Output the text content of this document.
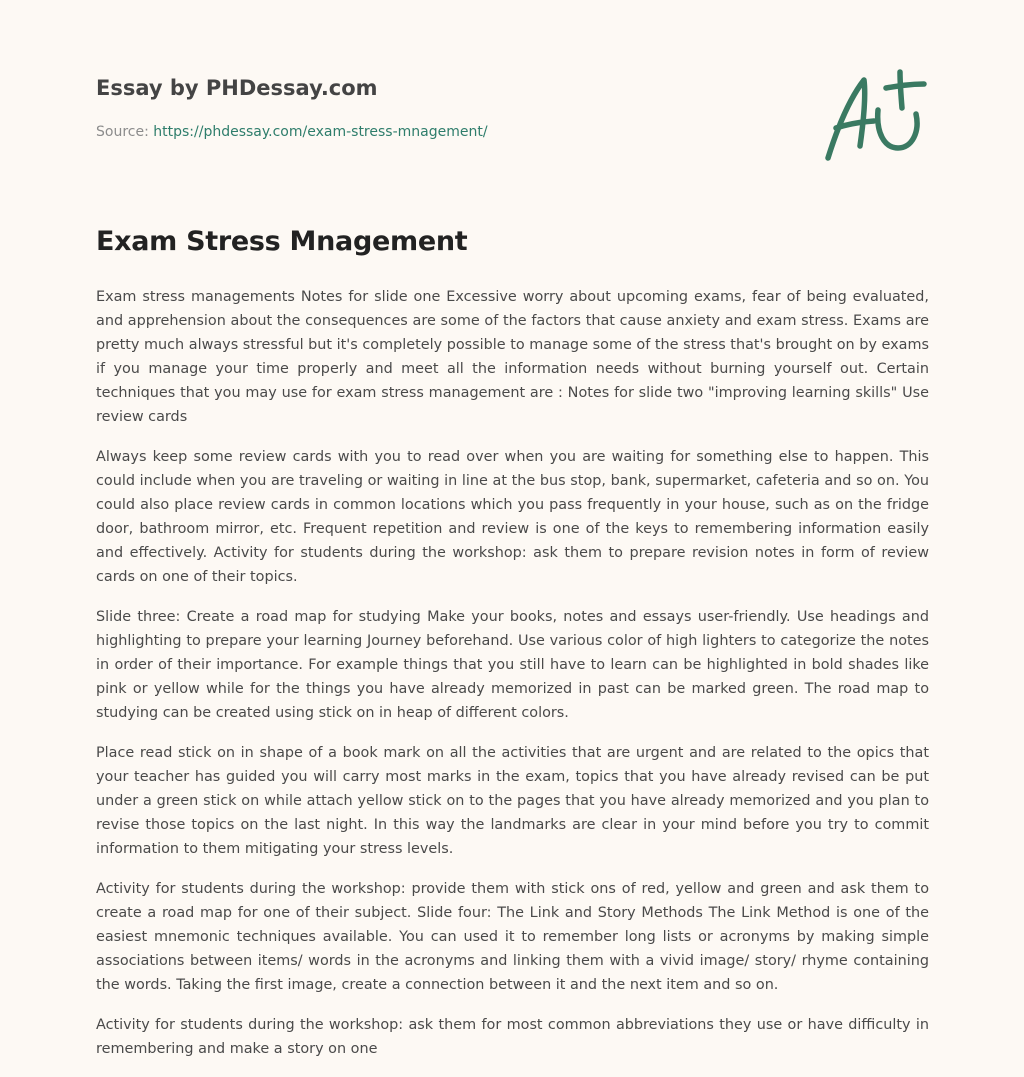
Essay by PHDessay.com
Source: https://phdessay.com/exam-stress-mnagement/
Exam Stress Mnagement

Exam stress managements Notes for slide one Excessive worry about upcoming exams, fear of being evaluated, and apprehension about the consequences are some of the factors that cause anxiety and exam stress. Exams are pretty much always stressful but it's completely possible to manage some of the stress that's brought on by exams if you manage your time properly and meet all the information needs without burning yourself out. Certain techniques that you may use for exam stress management are : Notes for slide two "improving learning skills" Use review cards

Always keep some review cards with you to read over when you are waiting for something else to happen. This could include when you are traveling or waiting in line at the bus stop, bank, supermarket, cafeteria and so on. You could also place review cards in common locations which you pass frequently in your house, such as on the fridge door, bathroom mirror, etc. Frequent repetition and review is one of the keys to remembering information easily and effectively. Activity for students during the workshop: ask them to prepare revision notes in form of review cards on one of their topics.

Slide three: Create a road map for studying Make your books, notes and essays user-friendly. Use headings and highlighting to prepare your learning Journey beforehand. Use various color of high lighters to categorize the notes in order of their importance. For example things that you still have to learn can be highlighted in bold shades like pink or yellow while for the things you have already memorized in past can be marked green. The road map to studying can be created using stick on in heap of different colors.

Place read stick on in shape of a book mark on all the activities that are urgent and are related to the opics that your teacher has guided you will carry most marks in the exam, topics that you have already revised can be put under a green stick on while attach yellow stick on to the pages that you have already memorized and you plan to revise those topics on the last night. In this way the landmarks are clear in your mind before you try to commit information to them mitigating your stress levels.

Activity for students during the workshop: provide them with stick ons of red, yellow and green and ask them to create a road map for one of their subject. Slide four: The Link and Story Methods The Link Method is one of the easiest mnemonic techniques available. You can used it to remember long lists or acronyms by making simple associations between items/ words in the acronyms and linking them with a vivid image/ story/ rhyme containing the words. Taking the first image, create a connection between it and the next item and so on.

Activity for students during the workshop: ask them for most common abbreviations they use or have difficulty in remembering and make a story on one
